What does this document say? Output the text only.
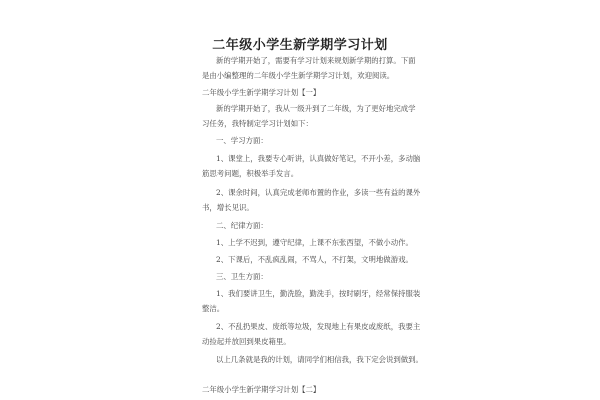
二年级小学生新学期学习计划
新的学期开始了，需要有学习计划来规划新学期的打算。下面
是由小编整理的二年级小学生新学期学习计划，欢迎阅读。
二年级小学生新学期学习计划【一】
新的学期开始了，我从一级升到了二年级，为了更好地完成学
习任务，我特制定学习计划如下：
一、学习方面：
1、课堂上，我要专心听讲，认真做好笔记，不开小差，多动脑
筋思考问题，积极举手发言。
2、课余时间，认真完成老师布置的作业，多读一些有益的课外
书，增长见识。
二、纪律方面：
1、上学不迟到，遵守纪律，上课不东张西望，不做小动作。
2、下课后，不乱疯乱闹，不骂人，不打架，文明地做游戏。
三、卫生方面：
1、我们要讲卫生，勤洗脸，勤洗手，按时刷牙，经常保持服装
整洁。
2、不乱扔果皮、废纸等垃圾，发现地上有果皮或废纸，我要主
动捡起并放回到果皮箱里。
以上几条就是我的计划，请同学们相信我，我下定会说到做到。
二年级小学生新学期学习计划【二】
